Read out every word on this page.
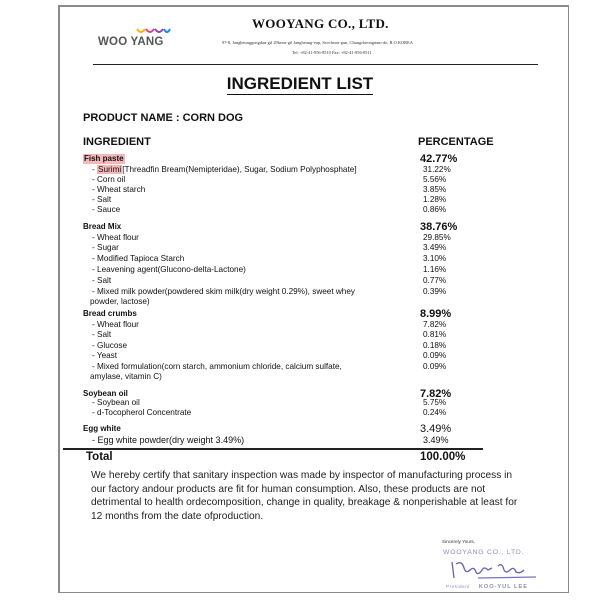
WOO YANG
WOOYANG CO., LTD.
97-8, Jangheunggongdan-gil 29beon-gil Jangheung-eup, Seocheon-gun, Chungcheongnam-do, R.O.KOREA
Tel: +82-41-956-8510 Fax: +82-41-956-8511
INGREDIENT LIST
PRODUCT NAME : CORN DOG
INGREDIENT	PERCENTAGE
Fish paste	42.77%
- Surimi[Threadfin Bream(Nemipteridae), Sugar, Sodium Polyphosphate]	31.22%
- Corn oil	5.56%
- Wheat starch	3.85%
- Salt	1.28%
- Sauce	0.86%
Bread Mix	38.76%
- Wheat flour	29.85%
- Sugar	3.49%
- Modified Tapioca Starch	3.10%
- Leavening agent(Glucono-delta-Lactone)	1.16%
- Salt	0.77%
- Mixed milk powder(powdered skim milk(dry weight 0.29%), sweet whey	0.39%
powder, lactose)
Bread crumbs	8.99%
- Wheat flour	7.82%
- Salt	0.81%
- Glucose	0.18%
- Yeast	0.09%
- Mixed formulation(corn starch, ammonium chloride, calcium sulfate,	0.09%
amylase, vitamin C)
Soybean oil	7.82%
- Soybean oil	5.75%
- d-Tocopherol Concentrate	0.24%
Egg white	3.49%
- Egg white powder(dry weight 3.49%)	3.49%
Total	100.00%
We hereby certify that sanitary inspection was made by inspector of manufacturing process in our factory andour products are fit for human consumption. Also, these products are not detrimental to health ordecomposition, change in quality, breakage & nonperishable at least for 12 months from the date ofproduction.
Sincerely Yours,
WOOYANG CO., LTD.
President KOO-YUL LEE
